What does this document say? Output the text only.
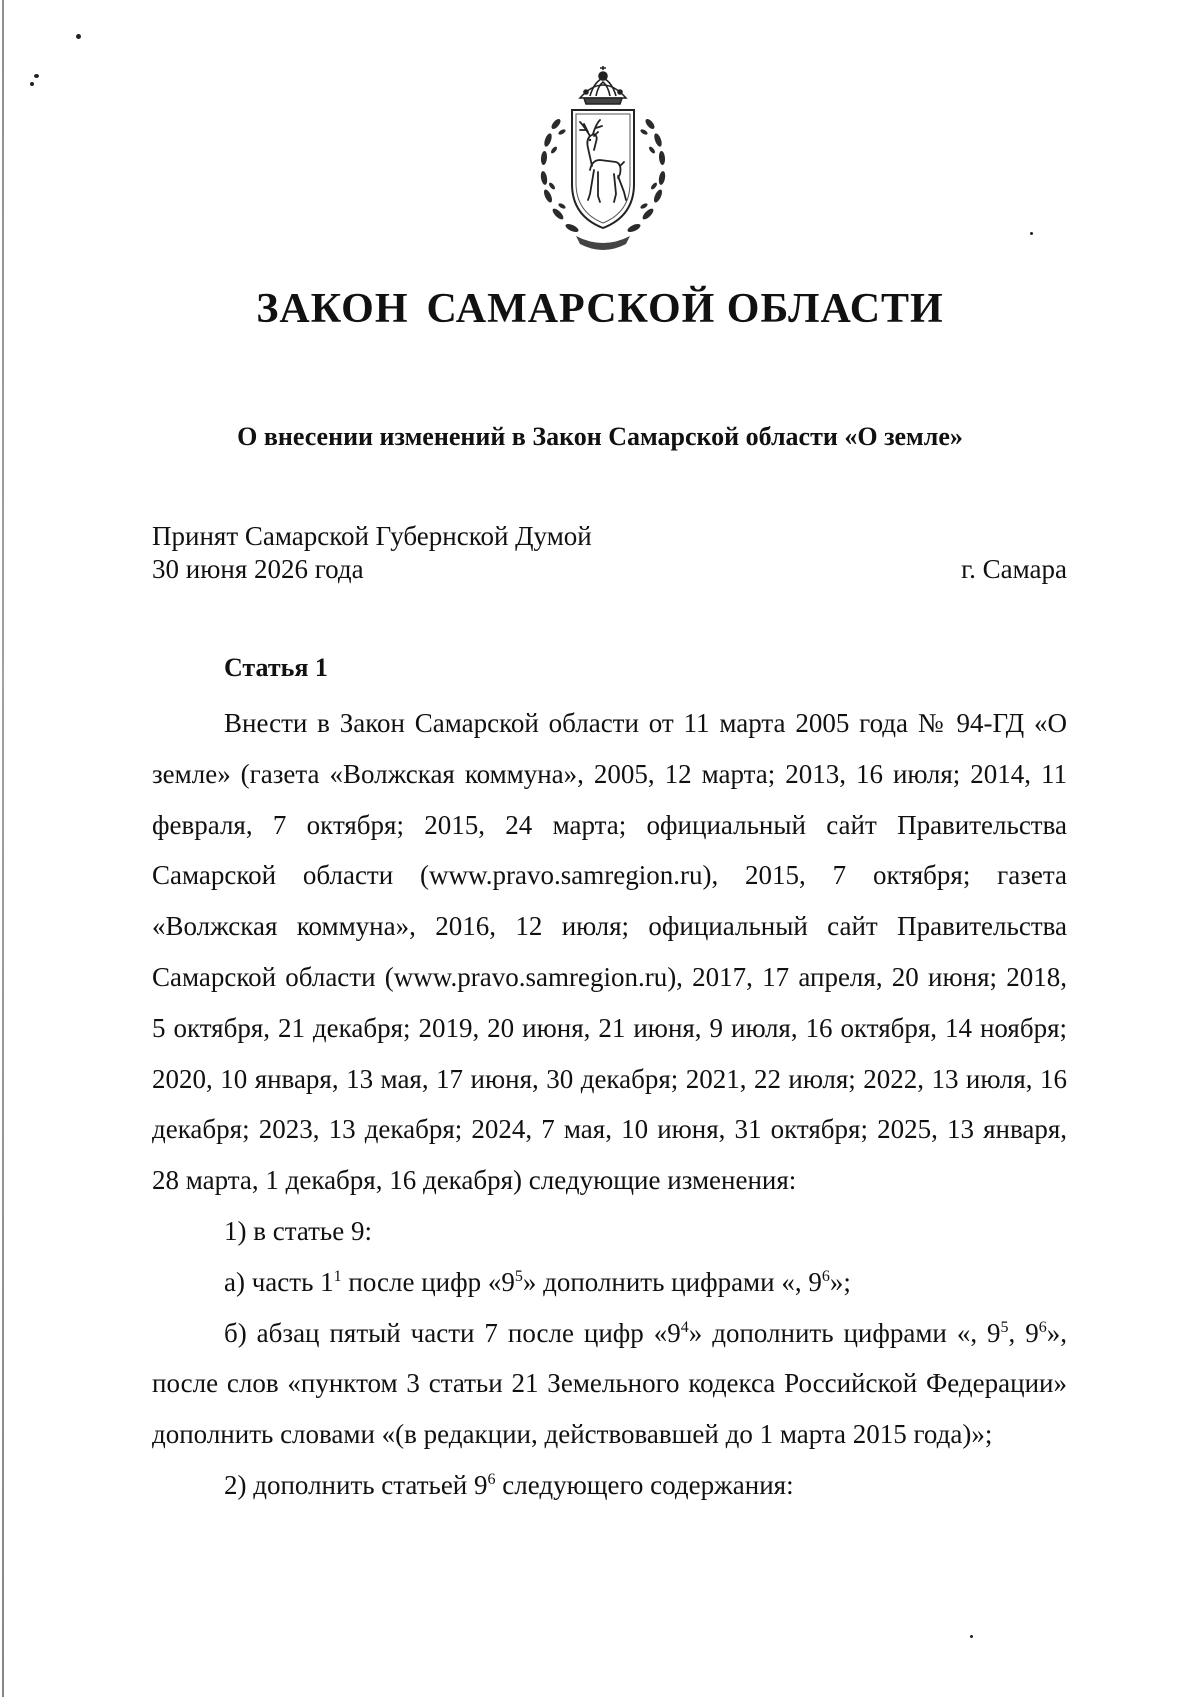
ЗАКОН САМАРСКОЙ ОБЛАСТИ
О внесении изменений в Закон Самарской области «О земле»
Принят Самарской Губернской Думой
30 июня 2026 года	г. Самара
Статья 1

Внести в Закон Самарской области от 11 марта 2005 года № 94-ГД «О земле» (газета «Волжская коммуна», 2005, 12 марта; 2013, 16 июля; 2014, 11 февраля, 7 октября; 2015, 24 марта; официальный сайт Правительства Самарской области (www.pravo.samregion.ru), 2015, 7 октября; газета «Волжская коммуна», 2016, 12 июля; официальный сайт Правительства Самарской области (www.pravo.samregion.ru), 2017, 17 апреля, 20 июня; 2018, 5 октября, 21 декабря; 2019, 20 июня, 21 июня, 9 июля, 16 октября, 14 ноября; 2020, 10 января, 13 мая, 17 июня, 30 декабря; 2021, 22 июля; 2022, 13 июля, 16 декабря; 2023, 13 декабря; 2024, 7 мая, 10 июня, 31 октября; 2025, 13 января, 28 марта, 1 декабря, 16 декабря) следующие изменения:

1) в статье 9:

а) часть $1^1$ после цифр «$9^5$» дополнить цифрами «, $9^6$»;

б) абзац пятый части 7 после цифр «$9^4$» дополнить цифрами «, $9^5$, $9^6$», после слов «пунктом 3 статьи 21 Земельного кодекса Российской Федерации» дополнить словами «(в редакции, действовавшей до 1 марта 2015 года)»;

2) дополнить статьей $9^6$ следующего содержания:
